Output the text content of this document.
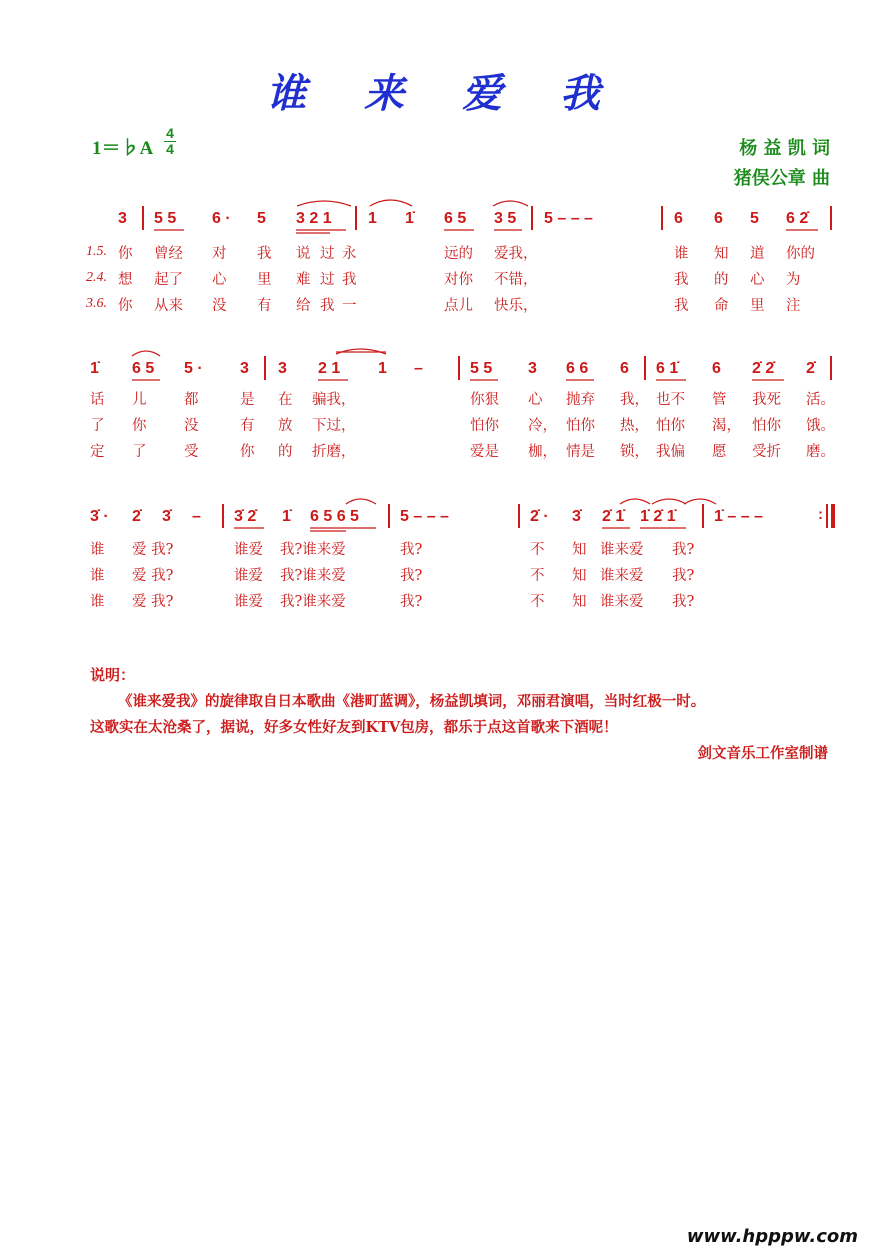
谁 来 爱 我
1＝♭A
4
4	杨 益 凯 词
猪俣公章 曲
3 5 5 6 · 5 3 2 1 1 1̇ 6 5 3 5 5 – – –	6 6 5 6 2̇
1.5. 你 曾经 对 我 说 过 永	远的 爱我，	谁 知 道 你的
2.4. 想 起了 心 里 难 过 我	对你 不错，	我 的 心 为
3.6. 你 从来 没 有 给 我 一	点儿 快乐，	我 命 里 注
1̇ 6 5 5 · 3 3 2 1 1 –	5 5 3 6 6 6 6 1̇ 6 2̇ 2̇ 2̇
话 儿	都	是 在 骗我，	你狠 心 抛弃 我， 也不 管 我死 活。
了 你	没	有 放 下过，	怕你 冷， 怕你 热， 怕你 渴， 怕你 饿。
定 了	受	你 的 折磨，	爱是 枷， 情是 锁， 我偏 愿 受折 磨。
3̇ · 2̇ 3̇ – 3̇ 2̇ 1̇ 6 5 6 5	5 – – –	2̇ · 3̇ 2̇ 1̇ 1̇ 2̇ 1̇ 1̇ – – –	:
谁 爱 我?	谁爱 我?谁来爱	我?	不 知 谁来爱 我?
谁 爱 我?	谁爱 我?谁来爱	我?	不 知 谁来爱 我?
谁 爱 我?	谁爱 我?谁来爱	我?	不 知 谁来爱 我?
说明：
《谁来爱我》的旋律取自日本歌曲《港町蓝调》，杨益凯填词，邓丽君演唱，当时红极一时。
这歌实在太沧桑了，据说，好多女性好友到KTV包房，都乐于点这首歌来下酒呢！
剑文音乐工作室制谱
www.hpppw.com
